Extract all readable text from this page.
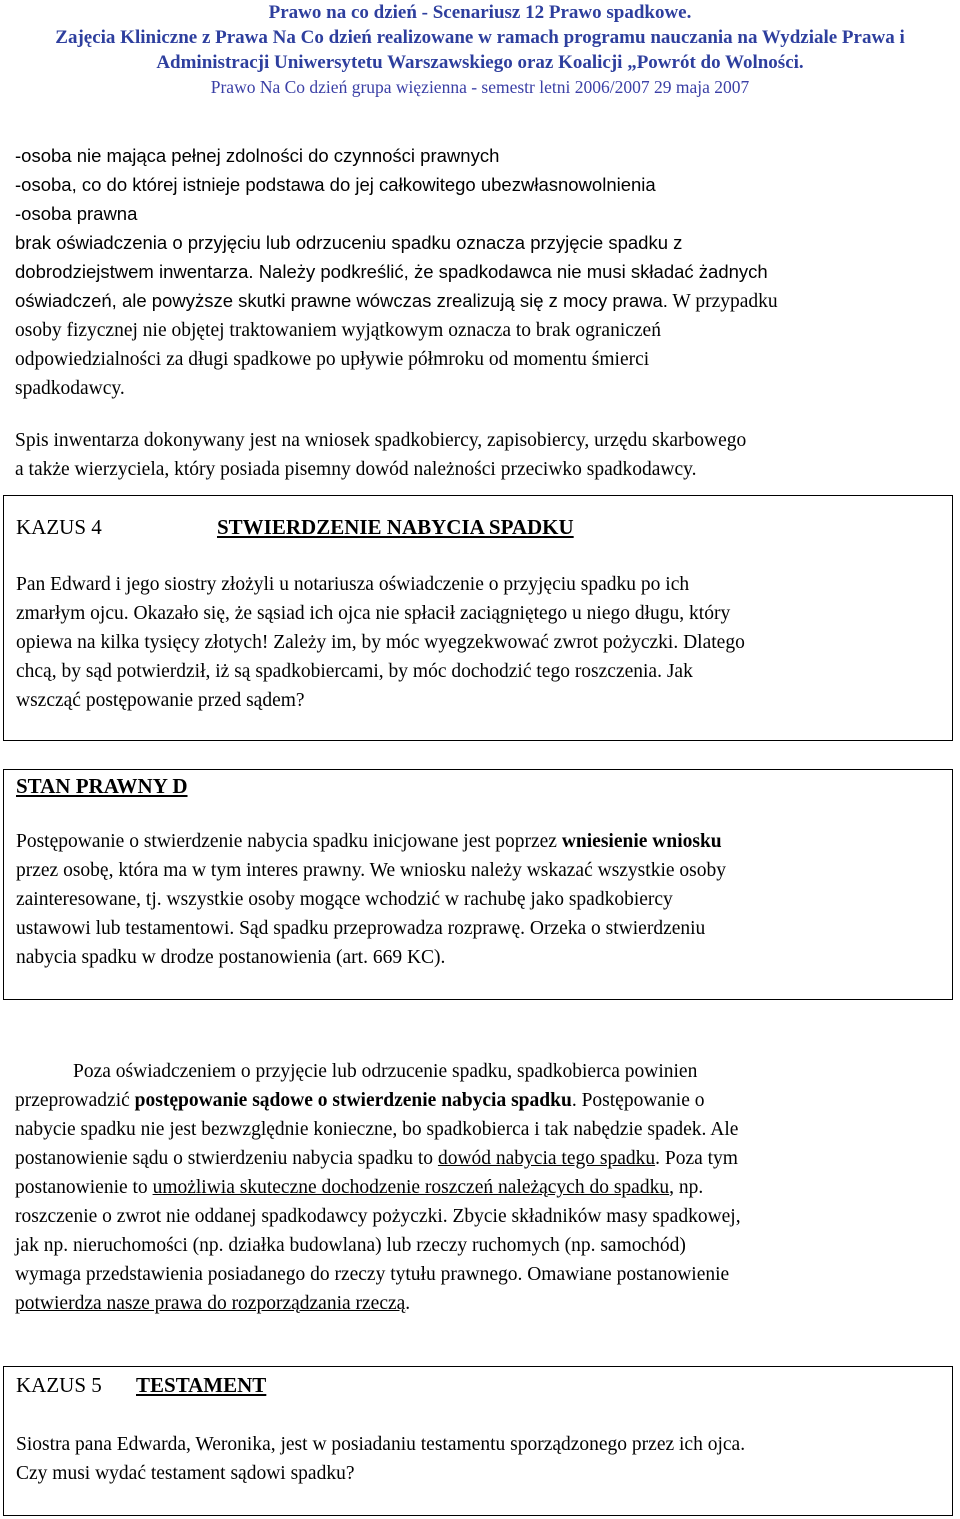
Prawo na co dzień - Scenariusz 12 Prawo spadkowe.
Zajęcia Kliniczne z Prawa Na Co dzień realizowane w ramach programu nauczania na Wydziale Prawa i
Administracji Uniwersytetu Warszawskiego oraz Koalicji „Powrót do Wolności.
Prawo Na Co dzień grupa więzienna - semestr letni 2006/2007 29 maja 2007

-osoba nie mająca pełnej zdolności do czynności prawnych

-osoba, co do której istnieje podstawa do jej całkowitego ubezwłasnowolnienia

-osoba prawna

brak oświadczenia o przyjęciu lub odrzuceniu spadku oznacza przyjęcie spadku z

dobrodziejstwem inwentarza. Należy podkreślić, że spadkodawca nie musi składać żadnych

oświadczeń, ale powyższe skutki prawne wówczas zrealizują się z mocy prawa. W przypadku

osoby fizycznej nie objętej traktowaniem wyjątkowym oznacza to brak ograniczeń

odpowiedzialności za długi spadkowe po upływie półmroku od momentu śmierci

spadkodawcy.

Spis inwentarza dokonywany jest na wniosek spadkobiercy, zapisobiercy, urzędu skarbowego

a także wierzyciela, który posiada pisemny dowód należności przeciwko spadkodawcy.

KAZUS 4	STWIERDZENIE NABYCIA SPADKU

Pan Edward i jego siostry złożyli u notariusza oświadczenie o przyjęciu spadku po ich

zmarłym ojcu. Okazało się, że sąsiad ich ojca nie spłacił zaciągniętego u niego długu, który

opiewa na kilka tysięcy złotych! Zależy im, by móc wyegzekwować zwrot pożyczki. Dlatego

chcą, by sąd potwierdził, iż są spadkobiercami, by móc dochodzić tego roszczenia. Jak

wszcząć postępowanie przed sądem?

STAN PRAWNY D

Postępowanie o stwierdzenie nabycia spadku inicjowane jest poprzez wniesienie wniosku

przez osobę, która ma w tym interes prawny. We wniosku należy wskazać wszystkie osoby

zainteresowane, tj. wszystkie osoby mogące wchodzić w rachubę jako spadkobiercy

ustawowi lub testamentowi. Sąd spadku przeprowadza rozprawę. Orzeka o stwierdzeniu

nabycia spadku w drodze postanowienia (art. 669 KC).

Poza oświadczeniem o przyjęcie lub odrzucenie spadku, spadkobierca powinien

przeprowadzić postępowanie sądowe o stwierdzenie nabycia spadku. Postępowanie o

nabycie spadku nie jest bezwzględnie konieczne, bo spadkobierca i tak nabędzie spadek. Ale

postanowienie sądu o stwierdzeniu nabycia spadku to dowód nabycia tego spadku. Poza tym

postanowienie to umożliwia skuteczne dochodzenie roszczeń należących do spadku, np.

roszczenie o zwrot nie oddanej spadkodawcy pożyczki. Zbycie składników masy spadkowej,

jak np. nieruchomości (np. działka budowlana) lub rzeczy ruchomych (np. samochód)

wymaga przedstawienia posiadanego do rzeczy tytułu prawnego. Omawiane postanowienie

potwierdza nasze prawa do rozporządzania rzeczą.

KAZUS 5 TESTAMENT

Siostra pana Edwarda, Weronika, jest w posiadaniu testamentu sporządzonego przez ich ojca.

Czy musi wydać testament sądowi spadku?
